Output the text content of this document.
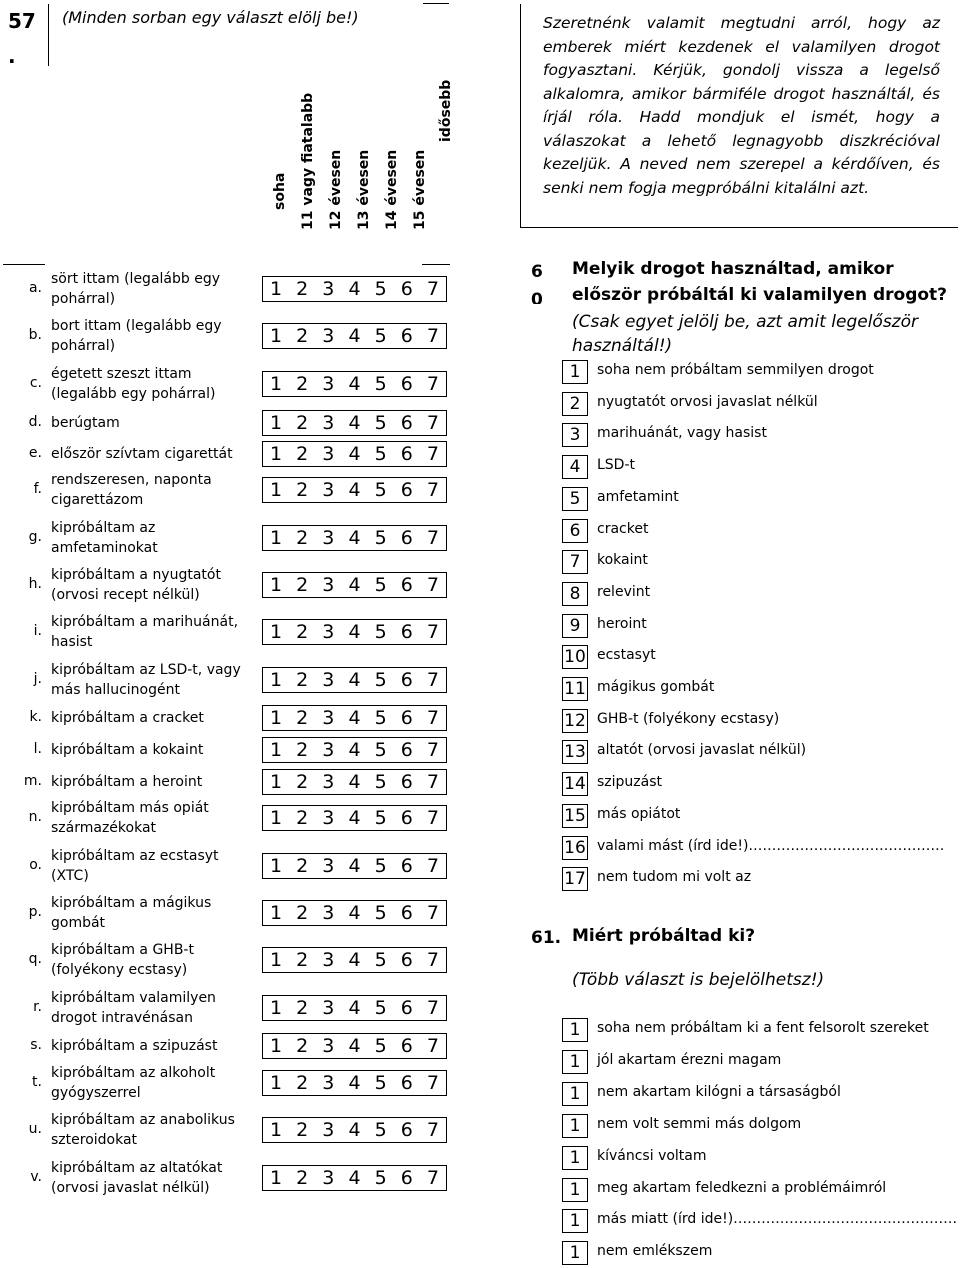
57
.
(Minden sorban egy választ elölj be!)
soha 11 vagy fiatalabb 12 évesen 13 évesen 14 évesen 15 évesen
idősebb
Szeretnénk valamit megtudni arról, hogy az emberek miért kezdenek el valamilyen drogot fogyasztani. Kérjük, gondolj vissza a legelső alkalomra, amikor bármiféle drogot használtál, és írjál róla. Hadd mondjuk el ismét, hogy a válaszokat a lehető legnagyobb diszkrécióval kezeljük. A neved nem szerepel a kérdőíven, és senki nem fogja megpróbálni kitalálni azt.
a.
sört ittam (legalább egy pohárral)	1 2 3 4 5 6 7
b.
bort ittam (legalább egy pohárral)	1 2 3 4 5 6 7
c.
égetett szeszt ittam (legalább egy pohárral)	1 2 3 4 5 6 7
d. berúgtam	1 2 3 4 5 6 7
e. először szívtam cigarettát	1 2 3 4 5 6 7
f.
rendszeresen, naponta cigarettázom	1 2 3 4 5 6 7
g.
kipróbáltam az amfetaminokat	1 2 3 4 5 6 7
h.
kipróbáltam a nyugtatót (orvosi recept nélkül)	1 2 3 4 5 6 7
i.
kipróbáltam a marihuánát, hasist	1 2 3 4 5 6 7
j.
kipróbáltam az LSD-t, vagy más hallucinogént	1 2 3 4 5 6 7
k. kipróbáltam a cracket	1 2 3 4 5 6 7
l. kipróbáltam a kokaint	1 2 3 4 5 6 7
m. kipróbáltam a heroint	1 2 3 4 5 6 7
n.
kipróbáltam más opiát származékokat	1 2 3 4 5 6 7
o.
kipróbáltam az ecstasyt (XTC)	1 2 3 4 5 6 7
p.
kipróbáltam a mágikus gombát	1 2 3 4 5 6 7
q.
kipróbáltam a GHB-t (folyékony ecstasy)	1 2 3 4 5 6 7
r.
kipróbáltam valamilyen drogot intravénásan	1 2 3 4 5 6 7
s. kipróbáltam a szipuzást	1 2 3 4 5 6 7
t.
kipróbáltam az alkoholt gyógyszerrel	1 2 3 4 5 6 7
u.
kipróbáltam az anabolikus szteroidokat	1 2 3 4 5 6 7
v.
kipróbáltam az altatókat (orvosi javaslat nélkül)	1 2 3 4 5 6 7
6
0
Melyik drogot használtad, amikor először próbáltál ki valamilyen drogot?
(Csak egyet jelölj be, azt amit legelőször használtál!)
1	soha nem próbáltam semmilyen drogot
2	nyugtatót orvosi javaslat nélkül
3	marihuánát, vagy hasist
4	LSD-t
5	amfetamint
6	cracket
7	kokaint
8	relevint
9	heroint
10 ecstasyt
11 mágikus gombát
12 GHB-t (folyékony ecstasy)
13 altatót (orvosi javaslat nélkül)
14 szipuzást
15 más opiátot
16 valami mást (írd ide!)……………………………………
17 nem tudom mi volt az
61. Miért próbáltad ki?
(Több választ is bejelölhetsz!)
1	soha nem próbáltam ki a fent felsorolt szereket
1	jól akartam érezni magam
1	nem akartam kilógni a társaságból
1	nem volt semmi más dolgom
1	kíváncsi voltam
1	meg akartam feledkezni a problémáimról
1	más miatt (írd ide!)…………………………………………
1	nem emlékszem
